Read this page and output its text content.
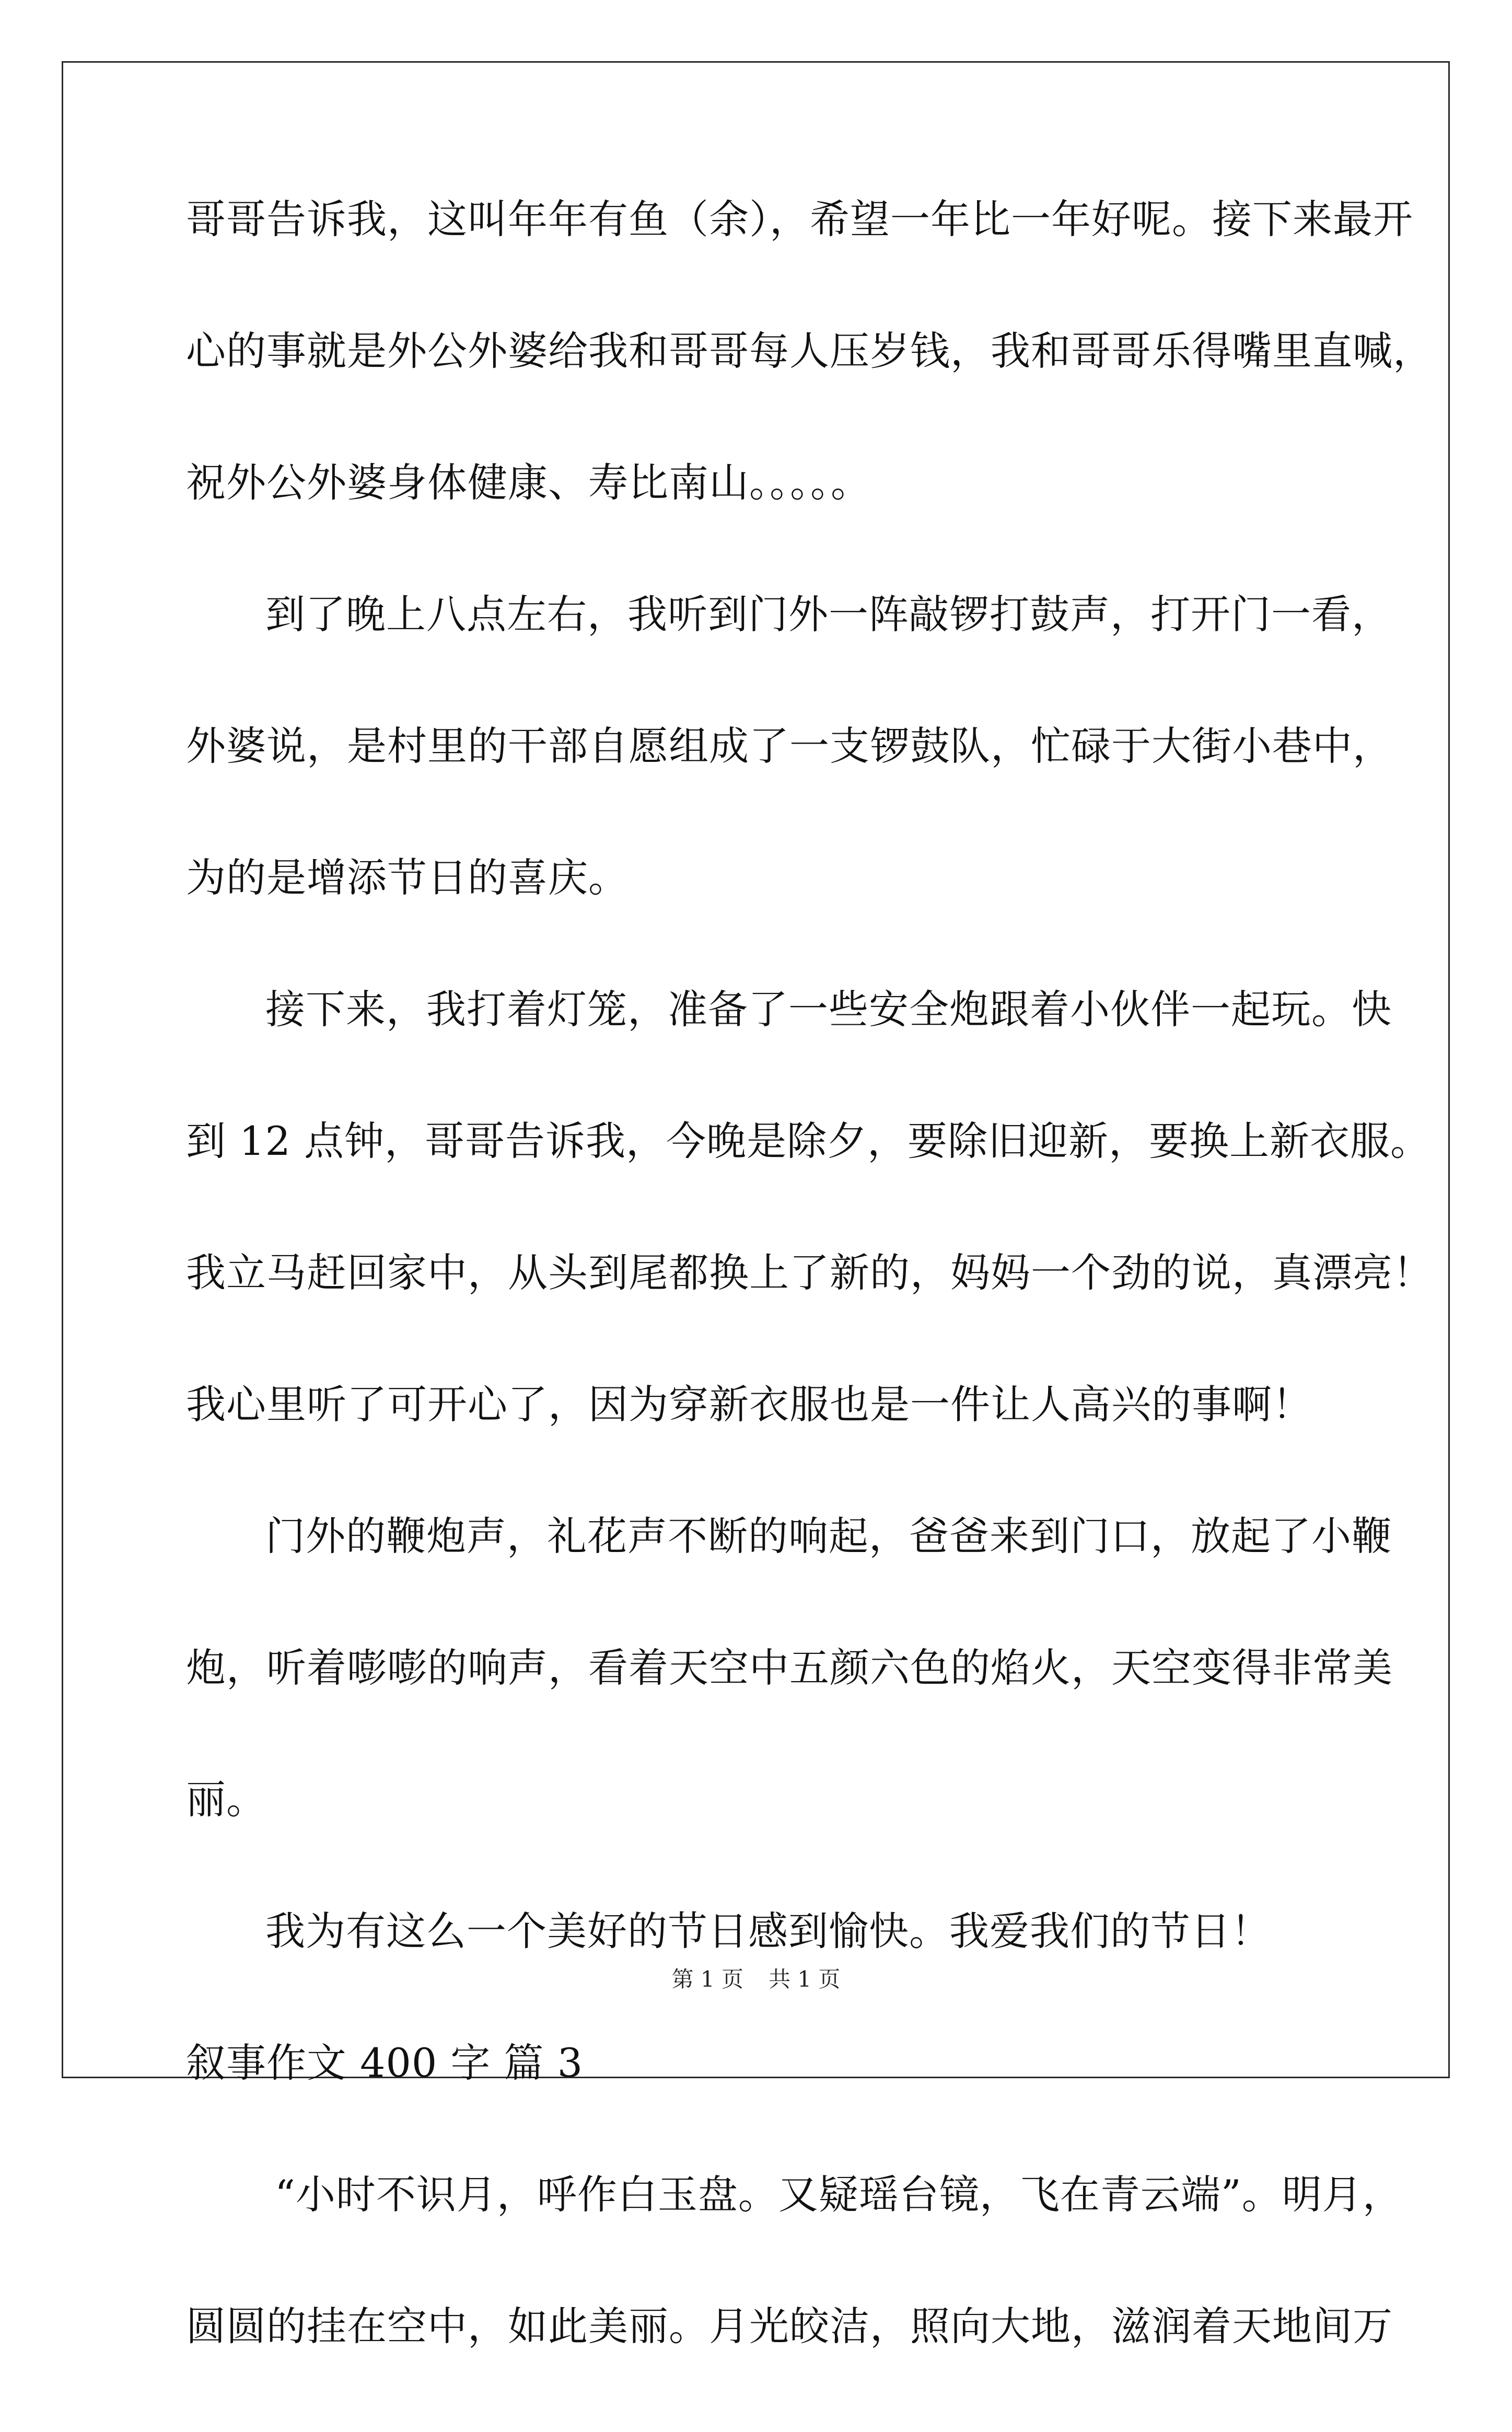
哥哥告诉我，这叫年年有鱼（余），希望一年比一年好呢。接下来最开
心的事就是外公外婆给我和哥哥每人压岁钱，我和哥哥乐得嘴里直喊，
祝外公外婆身体健康、寿比南山。。。。。
到了晚上八点左右，我听到门外一阵敲锣打鼓声，打开门一看，
外婆说，是村里的干部自愿组成了一支锣鼓队，忙碌于大街小巷中，
为的是增添节日的喜庆。
接下来，我打着灯笼，准备了一些安全炮跟着小伙伴一起玩。快
到 12 点钟，哥哥告诉我，今晚是除夕，要除旧迎新，要换上新衣服。
我立马赶回家中，从头到尾都换上了新的，妈妈一个劲的说，真漂亮！
我心里听了可开心了，因为穿新衣服也是一件让人高兴的事啊！
门外的鞭炮声，礼花声不断的响起，爸爸来到门口，放起了小鞭
炮，听着嘭嘭的响声，看着天空中五颜六色的焰火，天空变得非常美
丽。
我为有这么一个美好的节日感到愉快。我爱我们的节日！
叙事作文 400 字 篇 3
“小时不识月，呼作白玉盘。又疑瑶台镜，飞在青云端”。明月，
圆圆的挂在空中，如此美丽。月光皎洁，照向大地，滋润着天地间万
第 1 页 共 1 页
